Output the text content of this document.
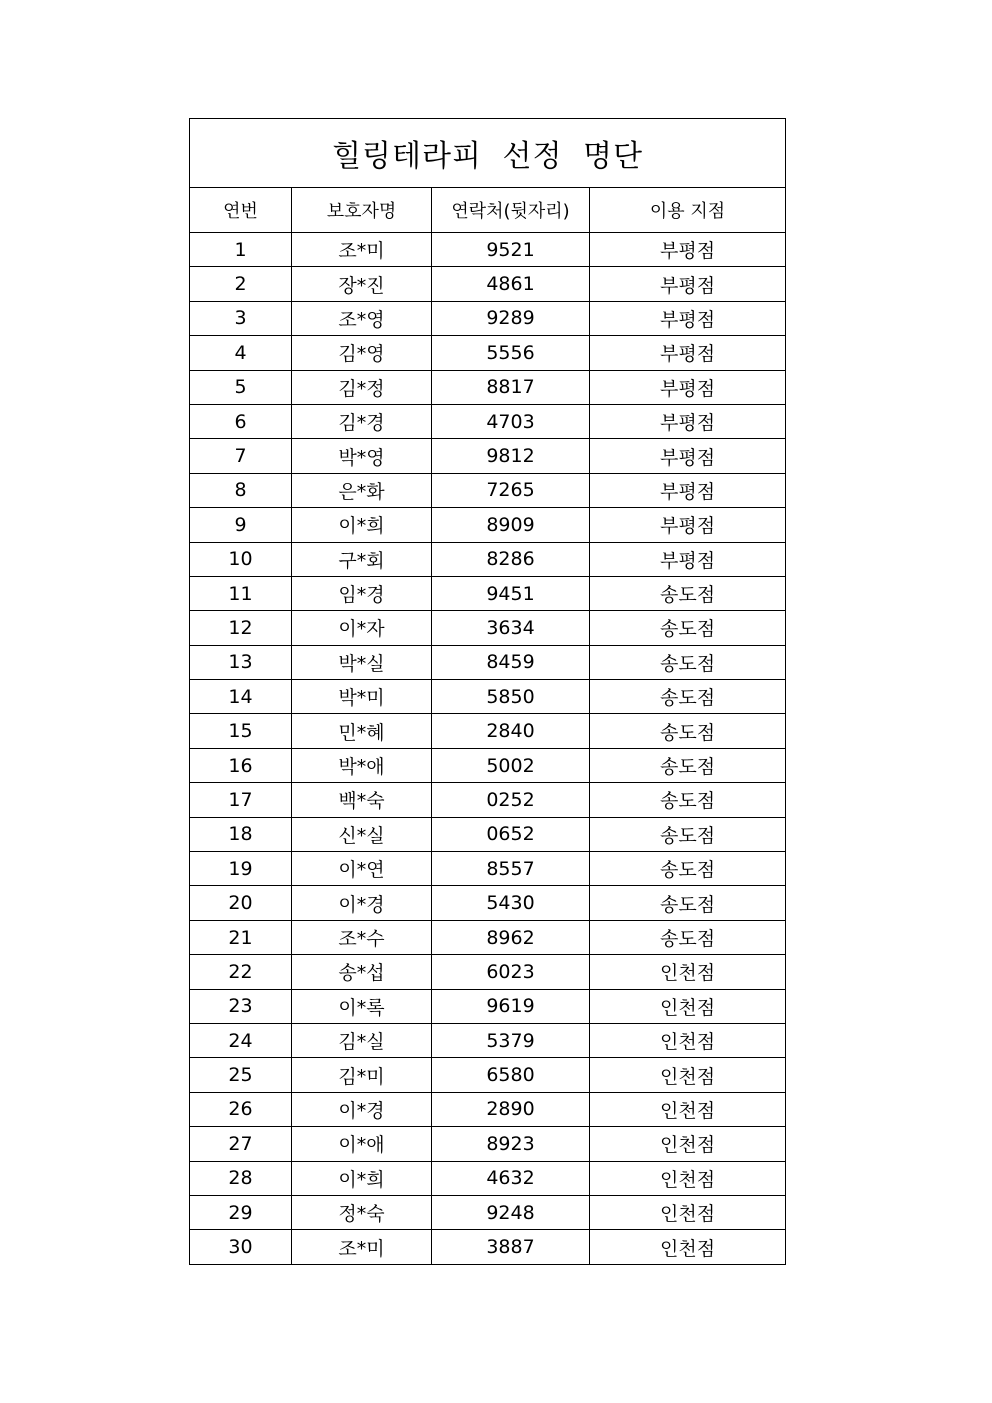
힐링테라피 선정 명단			
연번	보호자명	연락처(뒷자리)	이용 지점
1	조*미	9521	부평점
2	장*진	4861	부평점
3	조*영	9289	부평점
4	김*영	5556	부평점
5	김*정	8817	부평점
6	김*경	4703	부평점
7	박*영	9812	부평점
8	은*화	7265	부평점
9	이*희	8909	부평점
10	구*회	8286	부평점
11	임*경	9451	송도점
12	이*자	3634	송도점
13	박*실	8459	송도점
14	박*미	5850	송도점
15	민*혜	2840	송도점
16	박*애	5002	송도점
17	백*숙	0252	송도점
18	신*실	0652	송도점
19	이*연	8557	송도점
20	이*경	5430	송도점
21	조*수	8962	송도점
22	송*섭	6023	인천점
23	이*록	9619	인천점
24	김*실	5379	인천점
25	김*미	6580	인천점
26	이*경	2890	인천점
27	이*애	8923	인천점
28	이*희	4632	인천점
29	정*숙	9248	인천점
30	조*미	3887	인천점
